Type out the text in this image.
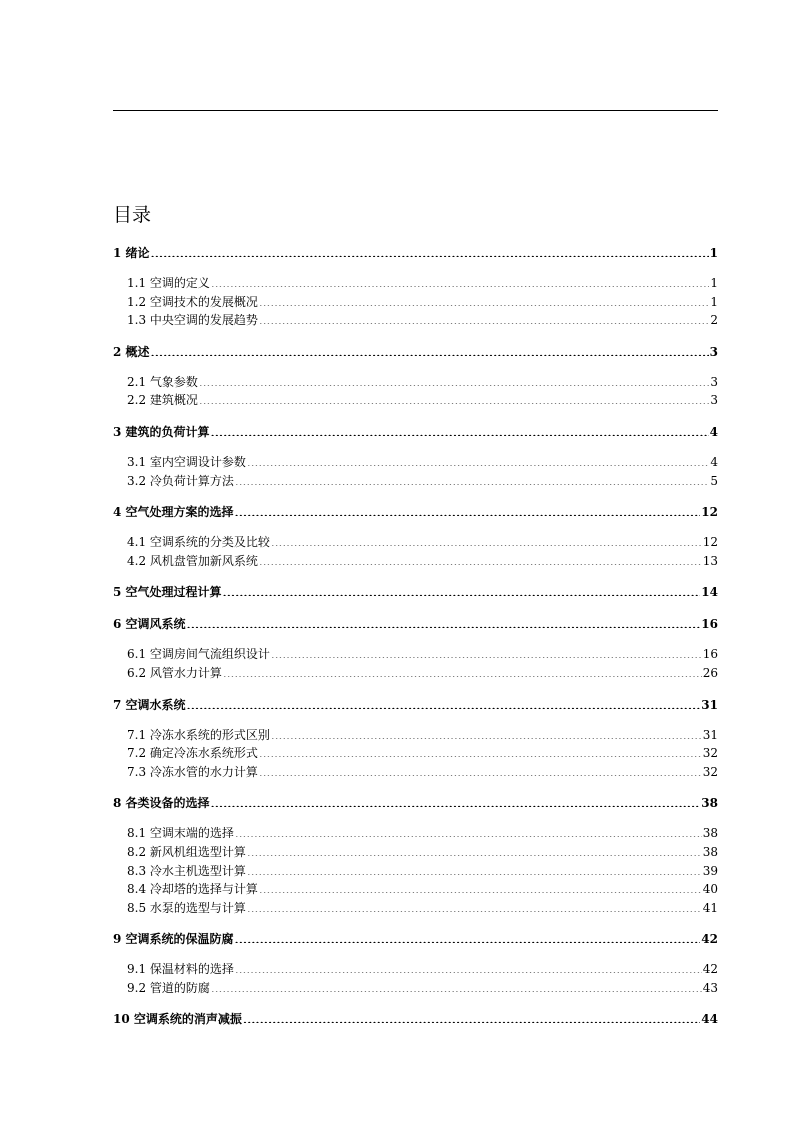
目录
1 绪论 .....	1
1.1 空调的定义 .....	1
1.2 空调技术的发展概况 .....	1
1.3 中央空调的发展趋势 .....	2
2 概述 .....	3
2.1 气象参数 .....	3
2.2 建筑概况 .....	3
3 建筑的负荷计算 .....	4
3.1 室内空调设计参数 .....	4
3.2 冷负荷计算方法 .....	5
4 空气处理方案的选择 .....	12
4.1 空调系统的分类及比较 .....	12
4.2 风机盘管加新风系统 .....	13
5 空气处理过程计算 .....	14
6 空调风系统 .....	16
6.1 空调房间气流组织设计 .....	16
6.2 风管水力计算 .....	26
7 空调水系统 .....	31
7.1 冷冻水系统的形式区别 .....	31
7.2 确定冷冻水系统形式 .....	32
7.3 冷冻水管的水力计算 .....	32
8 各类设备的选择 .....	38
8.1 空调末端的选择 .....	38
8.2 新风机组选型计算 .....	38
8.3 冷水主机选型计算 .....	39
8.4 冷却塔的选择与计算 .....	40
8.5 水泵的选型与计算 .....	41
9 空调系统的保温防腐 .....	42
9.1 保温材料的选择 .....	42
9.2 管道的防腐 .....	43
10 空调系统的消声减振 .....	44
